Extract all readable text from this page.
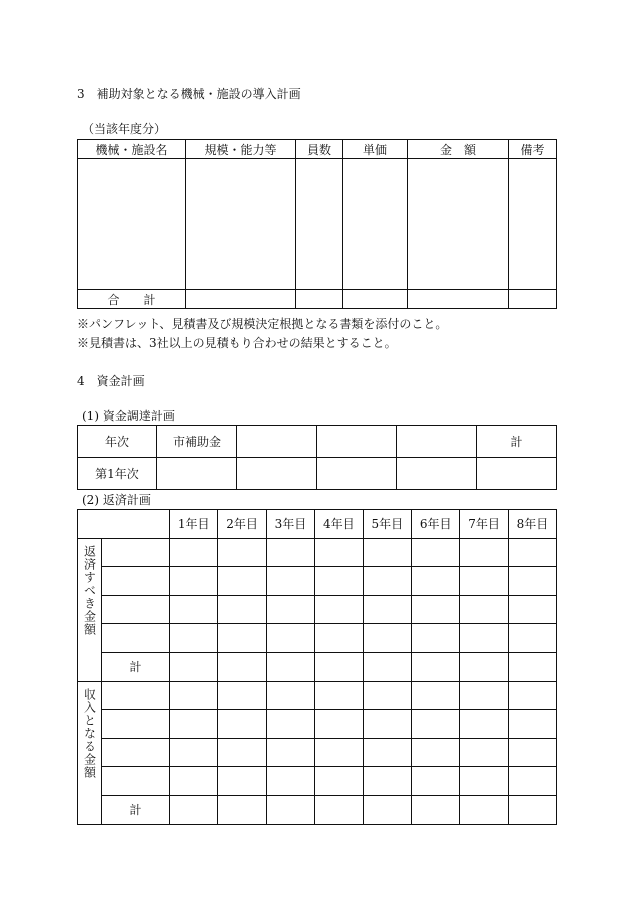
3　補助対象となる機械・施設の導入計画
（当該年度分）
機械・施設名	規模・能力等	員数	単価	金　額	備考

合　　計					
※パンフレット、見積書及び規模決定根拠となる書類を添付のこと。
※見積書は、3社以上の見積もり合わせの結果とすること。
4　資金計画
(1) 資金調達計画
年次	市補助金				計
第1年次					
(2) 返済計画
		1年目	2年目	3年目	4年目	5年目	6年目	7年目	8年目
返済すべき金額									

	計								
収入となる金額									

	計								
